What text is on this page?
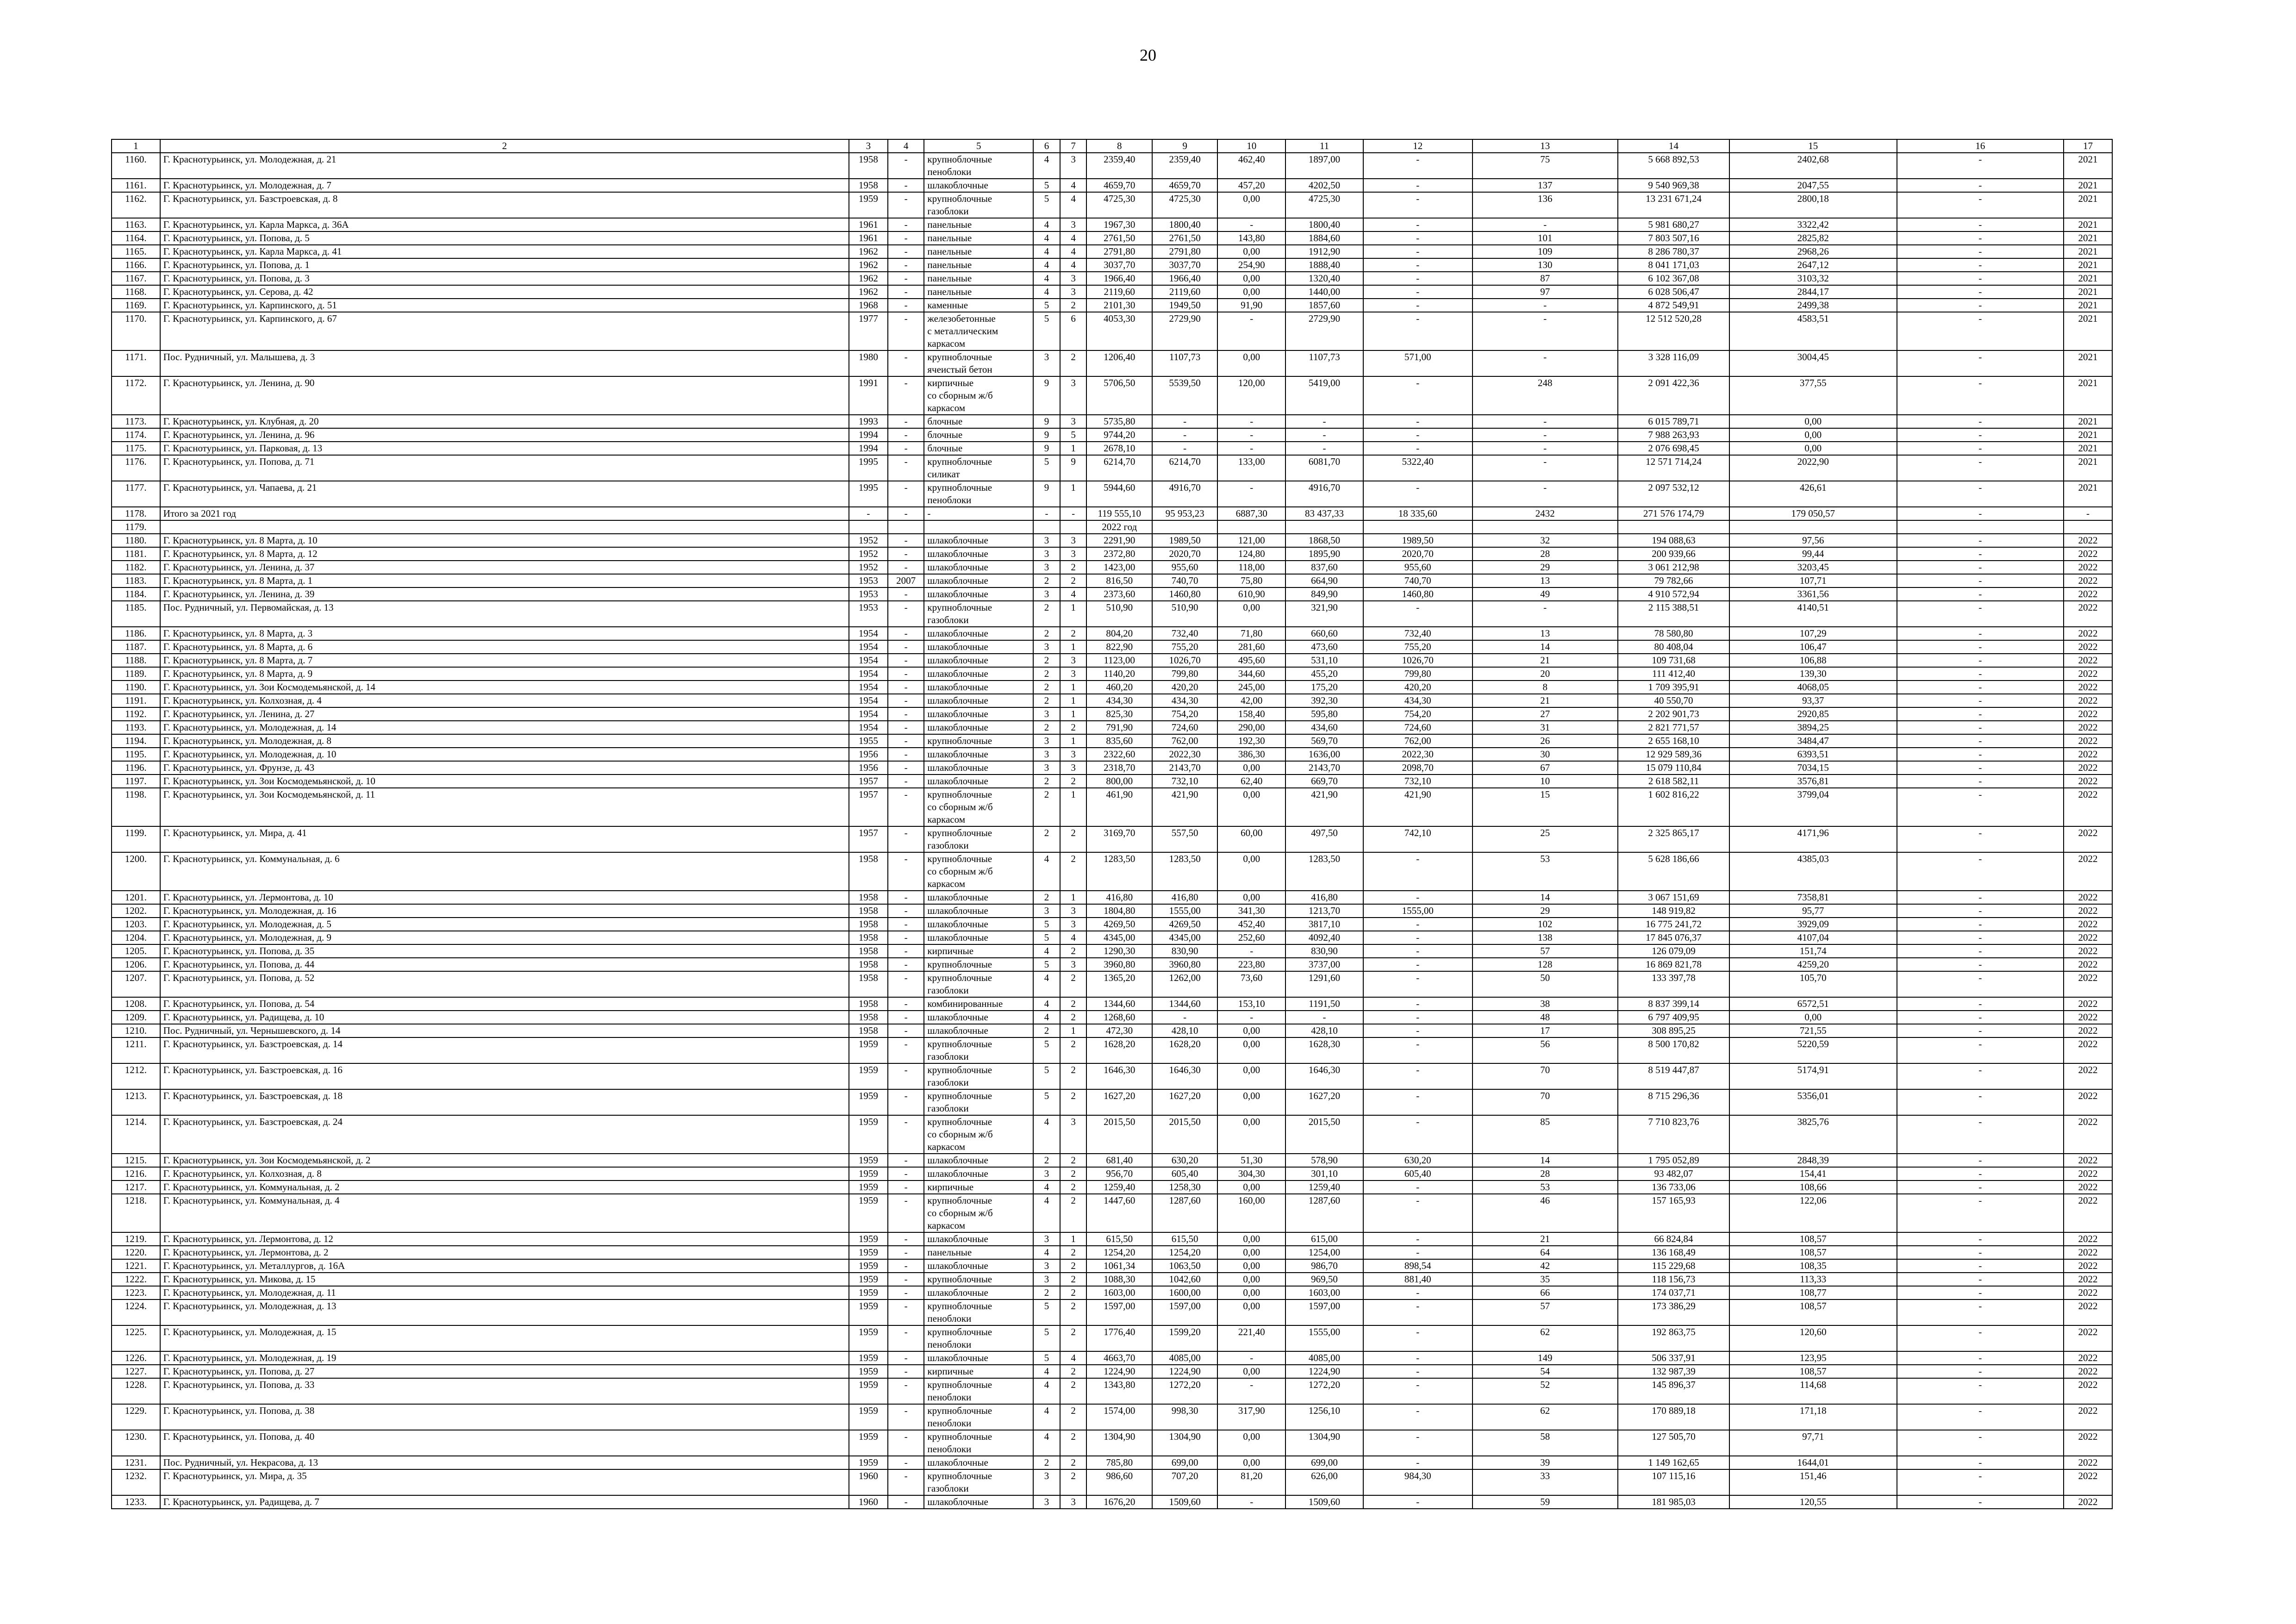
20
1	2	3	4	5	6	7	8	9	10	11	12	13	14	15	16	17
1160.	Г. Краснотурьинск, ул. Молодежная, д. 21	1958	-	крупноблочные
пеноблоки	4	3	2359,40	2359,40	462,40	1897,00	-	75	5 668 892,53	2402,68	-	2021
1161.	Г. Краснотурьинск, ул. Молодежная, д. 7	1958	-	шлакоблочные	5	4	4659,70	4659,70	457,20	4202,50	-	137	9 540 969,38	2047,55	-	2021
1162.	Г. Краснотурьинск, ул. Базстроевская, д. 8	1959	-	крупноблочные
газоблоки	5	4	4725,30	4725,30	0,00	4725,30	-	136	13 231 671,24	2800,18	-	2021
1163.	Г. Краснотурьинск, ул. Карла Маркса, д. 36А	1961	-	панельные	4	3	1967,30	1800,40	-	1800,40	-	-	5 981 680,27	3322,42	-	2021
1164.	Г. Краснотурьинск, ул. Попова, д. 5	1961	-	панельные	4	4	2761,50	2761,50	143,80	1884,60	-	101	7 803 507,16	2825,82	-	2021
1165.	Г. Краснотурьинск, ул. Карла Маркса, д. 41	1962	-	панельные	4	4	2791,80	2791,80	0,00	1912,90	-	109	8 286 780,37	2968,26	-	2021
1166.	Г. Краснотурьинск, ул. Попова, д. 1	1962	-	панельные	4	4	3037,70	3037,70	254,90	1888,40	-	130	8 041 171,03	2647,12	-	2021
1167.	Г. Краснотурьинск, ул. Попова, д. 3	1962	-	панельные	4	3	1966,40	1966,40	0,00	1320,40	-	87	6 102 367,08	3103,32	-	2021
1168.	Г. Краснотурьинск, ул. Серова, д. 42	1962	-	панельные	4	3	2119,60	2119,60	0,00	1440,00	-	97	6 028 506,47	2844,17	-	2021
1169.	Г. Краснотурьинск, ул. Карпинского, д. 51	1968	-	каменные	5	2	2101,30	1949,50	91,90	1857,60	-	-	4 872 549,91	2499,38	-	2021
1170.	Г. Краснотурьинск, ул. Карпинского, д. 67	1977	-	железобетонные
с металлическим
каркасом	5	6	4053,30	2729,90	-	2729,90	-	-	12 512 520,28	4583,51	-	2021
1171.	Пос. Рудничный, ул. Малышева, д. 3	1980	-	крупноблочные
ячеистый бетон	3	2	1206,40	1107,73	0,00	1107,73	571,00	-	3 328 116,09	3004,45	-	2021
1172.	Г. Краснотурьинск, ул. Ленина, д. 90	1991	-	кирпичные
со сборным ж/б
каркасом	9	3	5706,50	5539,50	120,00	5419,00	-	248	2 091 422,36	377,55	-	2021
1173.	Г. Краснотурьинск, ул. Клубная, д. 20	1993	-	блочные	9	3	5735,80	-	-	-	-	-	6 015 789,71	0,00	-	2021
1174.	Г. Краснотурьинск, ул. Ленина, д. 96	1994	-	блочные	9	5	9744,20	-	-	-	-	-	7 988 263,93	0,00	-	2021
1175.	Г. Краснотурьинск, ул. Парковая, д. 13	1994	-	блочные	9	1	2678,10	-	-	-	-	-	2 076 698,45	0,00	-	2021
1176.	Г. Краснотурьинск, ул. Попова, д. 71	1995	-	крупноблочные
силикат	5	9	6214,70	6214,70	133,00	6081,70	5322,40	-	12 571 714,24	2022,90	-	2021
1177.	Г. Краснотурьинск, ул. Чапаева, д. 21	1995	-	крупноблочные
пеноблоки	9	1	5944,60	4916,70	-	4916,70	-	-	2 097 532,12	426,61	-	2021
1178.	Итого за 2021 год	-	-	-	-	-	119 555,10	95 953,23	6887,30	83 437,33	18 335,60	2432	271 576 174,79	179 050,57	-	-
1179.							2022 год									
1180.	Г. Краснотурьинск, ул. 8 Марта, д. 10	1952	-	шлакоблочные	3	3	2291,90	1989,50	121,00	1868,50	1989,50	32	194 088,63	97,56	-	2022
1181.	Г. Краснотурьинск, ул. 8 Марта, д. 12	1952	-	шлакоблочные	3	3	2372,80	2020,70	124,80	1895,90	2020,70	28	200 939,66	99,44	-	2022
1182.	Г. Краснотурьинск, ул. Ленина, д. 37	1952	-	шлакоблочные	3	2	1423,00	955,60	118,00	837,60	955,60	29	3 061 212,98	3203,45	-	2022
1183.	Г. Краснотурьинск, ул. 8 Марта, д. 1	1953	2007	шлакоблочные	2	2	816,50	740,70	75,80	664,90	740,70	13	79 782,66	107,71	-	2022
1184.	Г. Краснотурьинск, ул. Ленина, д. 39	1953	-	шлакоблочные	3	4	2373,60	1460,80	610,90	849,90	1460,80	49	4 910 572,94	3361,56	-	2022
1185.	Пос. Рудничный, ул. Первомайская, д. 13	1953	-	крупноблочные
газоблоки	2	1	510,90	510,90	0,00	321,90	-	-	2 115 388,51	4140,51	-	2022
1186.	Г. Краснотурьинск, ул. 8 Марта, д. 3	1954	-	шлакоблочные	2	2	804,20	732,40	71,80	660,60	732,40	13	78 580,80	107,29	-	2022
1187.	Г. Краснотурьинск, ул. 8 Марта, д. 6	1954	-	шлакоблочные	3	1	822,90	755,20	281,60	473,60	755,20	14	80 408,04	106,47	-	2022
1188.	Г. Краснотурьинск, ул. 8 Марта, д. 7	1954	-	шлакоблочные	2	3	1123,00	1026,70	495,60	531,10	1026,70	21	109 731,68	106,88	-	2022
1189.	Г. Краснотурьинск, ул. 8 Марта, д. 9	1954	-	шлакоблочные	2	3	1140,20	799,80	344,60	455,20	799,80	20	111 412,40	139,30	-	2022
1190.	Г. Краснотурьинск, ул. Зои Космодемьянской, д. 14	1954	-	шлакоблочные	2	1	460,20	420,20	245,00	175,20	420,20	8	1 709 395,91	4068,05	-	2022
1191.	Г. Краснотурьинск, ул. Колхозная, д. 4	1954	-	шлакоблочные	2	1	434,30	434,30	42,00	392,30	434,30	21	40 550,70	93,37	-	2022
1192.	Г. Краснотурьинск, ул. Ленина, д. 27	1954	-	шлакоблочные	3	1	825,30	754,20	158,40	595,80	754,20	27	2 202 901,73	2920,85	-	2022
1193.	Г. Краснотурьинск, ул. Молодежная, д. 14	1954	-	шлакоблочные	2	2	791,90	724,60	290,00	434,60	724,60	31	2 821 771,57	3894,25	-	2022
1194.	Г. Краснотурьинск, ул. Молодежная, д. 8	1955	-	крупноблочные	3	1	835,60	762,00	192,30	569,70	762,00	26	2 655 168,10	3484,47	-	2022
1195.	Г. Краснотурьинск, ул. Молодежная, д. 10	1956	-	шлакоблочные	3	3	2322,60	2022,30	386,30	1636,00	2022,30	30	12 929 589,36	6393,51	-	2022
1196.	Г. Краснотурьинск, ул. Фрунзе, д. 43	1956	-	шлакоблочные	3	3	2318,70	2143,70	0,00	2143,70	2098,70	67	15 079 110,84	7034,15	-	2022
1197.	Г. Краснотурьинск, ул. Зои Космодемьянской, д. 10	1957	-	шлакоблочные	2	2	800,00	732,10	62,40	669,70	732,10	10	2 618 582,11	3576,81	-	2022
1198.	Г. Краснотурьинск, ул. Зои Космодемьянской, д. 11	1957	-	крупноблочные
со сборным ж/б
каркасом	2	1	461,90	421,90	0,00	421,90	421,90	15	1 602 816,22	3799,04	-	2022
1199.	Г. Краснотурьинск, ул. Мира, д. 41	1957	-	крупноблочные
газоблоки	2	2	3169,70	557,50	60,00	497,50	742,10	25	2 325 865,17	4171,96	-	2022
1200.	Г. Краснотурьинск, ул. Коммунальная, д. 6	1958	-	крупноблочные
со сборным ж/б
каркасом	4	2	1283,50	1283,50	0,00	1283,50	-	53	5 628 186,66	4385,03	-	2022
1201.	Г. Краснотурьинск, ул. Лермонтова, д. 10	1958	-	шлакоблочные	2	1	416,80	416,80	0,00	416,80	-	14	3 067 151,69	7358,81	-	2022
1202.	Г. Краснотурьинск, ул. Молодежная, д. 16	1958	-	шлакоблочные	3	3	1804,80	1555,00	341,30	1213,70	1555,00	29	148 919,82	95,77	-	2022
1203.	Г. Краснотурьинск, ул. Молодежная, д. 5	1958	-	шлакоблочные	5	3	4269,50	4269,50	452,40	3817,10	-	102	16 775 241,72	3929,09	-	2022
1204.	Г. Краснотурьинск, ул. Молодежная, д. 9	1958	-	шлакоблочные	5	4	4345,00	4345,00	252,60	4092,40	-	138	17 845 076,37	4107,04	-	2022
1205.	Г. Краснотурьинск, ул. Попова, д. 35	1958	-	кирпичные	4	2	1290,30	830,90	-	830,90	-	57	126 079,09	151,74	-	2022
1206.	Г. Краснотурьинск, ул. Попова, д. 44	1958	-	крупноблочные	5	3	3960,80	3960,80	223,80	3737,00	-	128	16 869 821,78	4259,20	-	2022
1207.	Г. Краснотурьинск, ул. Попова, д. 52	1958	-	крупноблочные
газоблоки	4	2	1365,20	1262,00	73,60	1291,60	-	50	133 397,78	105,70	-	2022
1208.	Г. Краснотурьинск, ул. Попова, д. 54	1958	-	комбинированные	4	2	1344,60	1344,60	153,10	1191,50	-	38	8 837 399,14	6572,51	-	2022
1209.	Г. Краснотурьинск, ул. Радищева, д. 10	1958	-	шлакоблочные	4	2	1268,60	-	-	-	-	48	6 797 409,95	0,00	-	2022
1210.	Пос. Рудничный, ул. Чернышевского, д. 14	1958	-	шлакоблочные	2	1	472,30	428,10	0,00	428,10	-	17	308 895,25	721,55	-	2022
1211.	Г. Краснотурьинск, ул. Базстроевская, д. 14	1959	-	крупноблочные
газоблоки	5	2	1628,20	1628,20	0,00	1628,30	-	56	8 500 170,82	5220,59	-	2022
1212.	Г. Краснотурьинск, ул. Базстроевская, д. 16	1959	-	крупноблочные
газоблоки	5	2	1646,30	1646,30	0,00	1646,30	-	70	8 519 447,87	5174,91	-	2022
1213.	Г. Краснотурьинск, ул. Базстроевская, д. 18	1959	-	крупноблочные
газоблоки	5	2	1627,20	1627,20	0,00	1627,20	-	70	8 715 296,36	5356,01	-	2022
1214.	Г. Краснотурьинск, ул. Базстроевская, д. 24	1959	-	крупноблочные
со сборным ж/б
каркасом	4	3	2015,50	2015,50	0,00	2015,50	-	85	7 710 823,76	3825,76	-	2022
1215.	Г. Краснотурьинск, ул. Зои Космодемьянской, д. 2	1959	-	шлакоблочные	2	2	681,40	630,20	51,30	578,90	630,20	14	1 795 052,89	2848,39	-	2022
1216.	Г. Краснотурьинск, ул. Колхозная, д. 8	1959	-	шлакоблочные	3	2	956,70	605,40	304,30	301,10	605,40	28	93 482,07	154,41	-	2022
1217.	Г. Краснотурьинск, ул. Коммунальная, д. 2	1959	-	кирпичные	4	2	1259,40	1258,30	0,00	1259,40	-	53	136 733,06	108,66	-	2022
1218.	Г. Краснотурьинск, ул. Коммунальная, д. 4	1959	-	крупноблочные
со сборным ж/б
каркасом	4	2	1447,60	1287,60	160,00	1287,60	-	46	157 165,93	122,06	-	2022
1219.	Г. Краснотурьинск, ул. Лермонтова, д. 12	1959	-	шлакоблочные	3	1	615,50	615,50	0,00	615,00	-	21	66 824,84	108,57	-	2022
1220.	Г. Краснотурьинск, ул. Лермонтова, д. 2	1959	-	панельные	4	2	1254,20	1254,20	0,00	1254,00	-	64	136 168,49	108,57	-	2022
1221.	Г. Краснотурьинск, ул. Металлургов, д. 16А	1959	-	шлакоблочные	3	2	1061,34	1063,50	0,00	986,70	898,54	42	115 229,68	108,35	-	2022
1222.	Г. Краснотурьинск, ул. Микова, д. 15	1959	-	крупноблочные	3	2	1088,30	1042,60	0,00	969,50	881,40	35	118 156,73	113,33	-	2022
1223.	Г. Краснотурьинск, ул. Молодежная, д. 11	1959	-	шлакоблочные	2	2	1603,00	1600,00	0,00	1603,00	-	66	174 037,71	108,77	-	2022
1224.	Г. Краснотурьинск, ул. Молодежная, д. 13	1959	-	крупноблочные
пеноблоки	5	2	1597,00	1597,00	0,00	1597,00	-	57	173 386,29	108,57	-	2022
1225.	Г. Краснотурьинск, ул. Молодежная, д. 15	1959	-	крупноблочные
пеноблоки	5	2	1776,40	1599,20	221,40	1555,00	-	62	192 863,75	120,60	-	2022
1226.	Г. Краснотурьинск, ул. Молодежная, д. 19	1959	-	шлакоблочные	5	4	4663,70	4085,00	-	4085,00	-	149	506 337,91	123,95	-	2022
1227.	Г. Краснотурьинск, ул. Попова, д. 27	1959	-	кирпичные	4	2	1224,90	1224,90	0,00	1224,90	-	54	132 987,39	108,57	-	2022
1228.	Г. Краснотурьинск, ул. Попова, д. 33	1959	-	крупноблочные
пеноблоки	4	2	1343,80	1272,20	-	1272,20	-	52	145 896,37	114,68	-	2022
1229.	Г. Краснотурьинск, ул. Попова, д. 38	1959	-	крупноблочные
пеноблоки	4	2	1574,00	998,30	317,90	1256,10	-	62	170 889,18	171,18	-	2022
1230.	Г. Краснотурьинск, ул. Попова, д. 40	1959	-	крупноблочные
пеноблоки	4	2	1304,90	1304,90	0,00	1304,90	-	58	127 505,70	97,71	-	2022
1231.	Пос. Рудничный, ул. Некрасова, д. 13	1959	-	шлакоблочные	2	2	785,80	699,00	0,00	699,00	-	39	1 149 162,65	1644,01	-	2022
1232.	Г. Краснотурьинск, ул. Мира, д. 35	1960	-	крупноблочные
газоблоки	3	2	986,60	707,20	81,20	626,00	984,30	33	107 115,16	151,46	-	2022
1233.	Г. Краснотурьинск, ул. Радищева, д. 7	1960	-	шлакоблочные	3	3	1676,20	1509,60	-	1509,60	-	59	181 985,03	120,55	-	2022
